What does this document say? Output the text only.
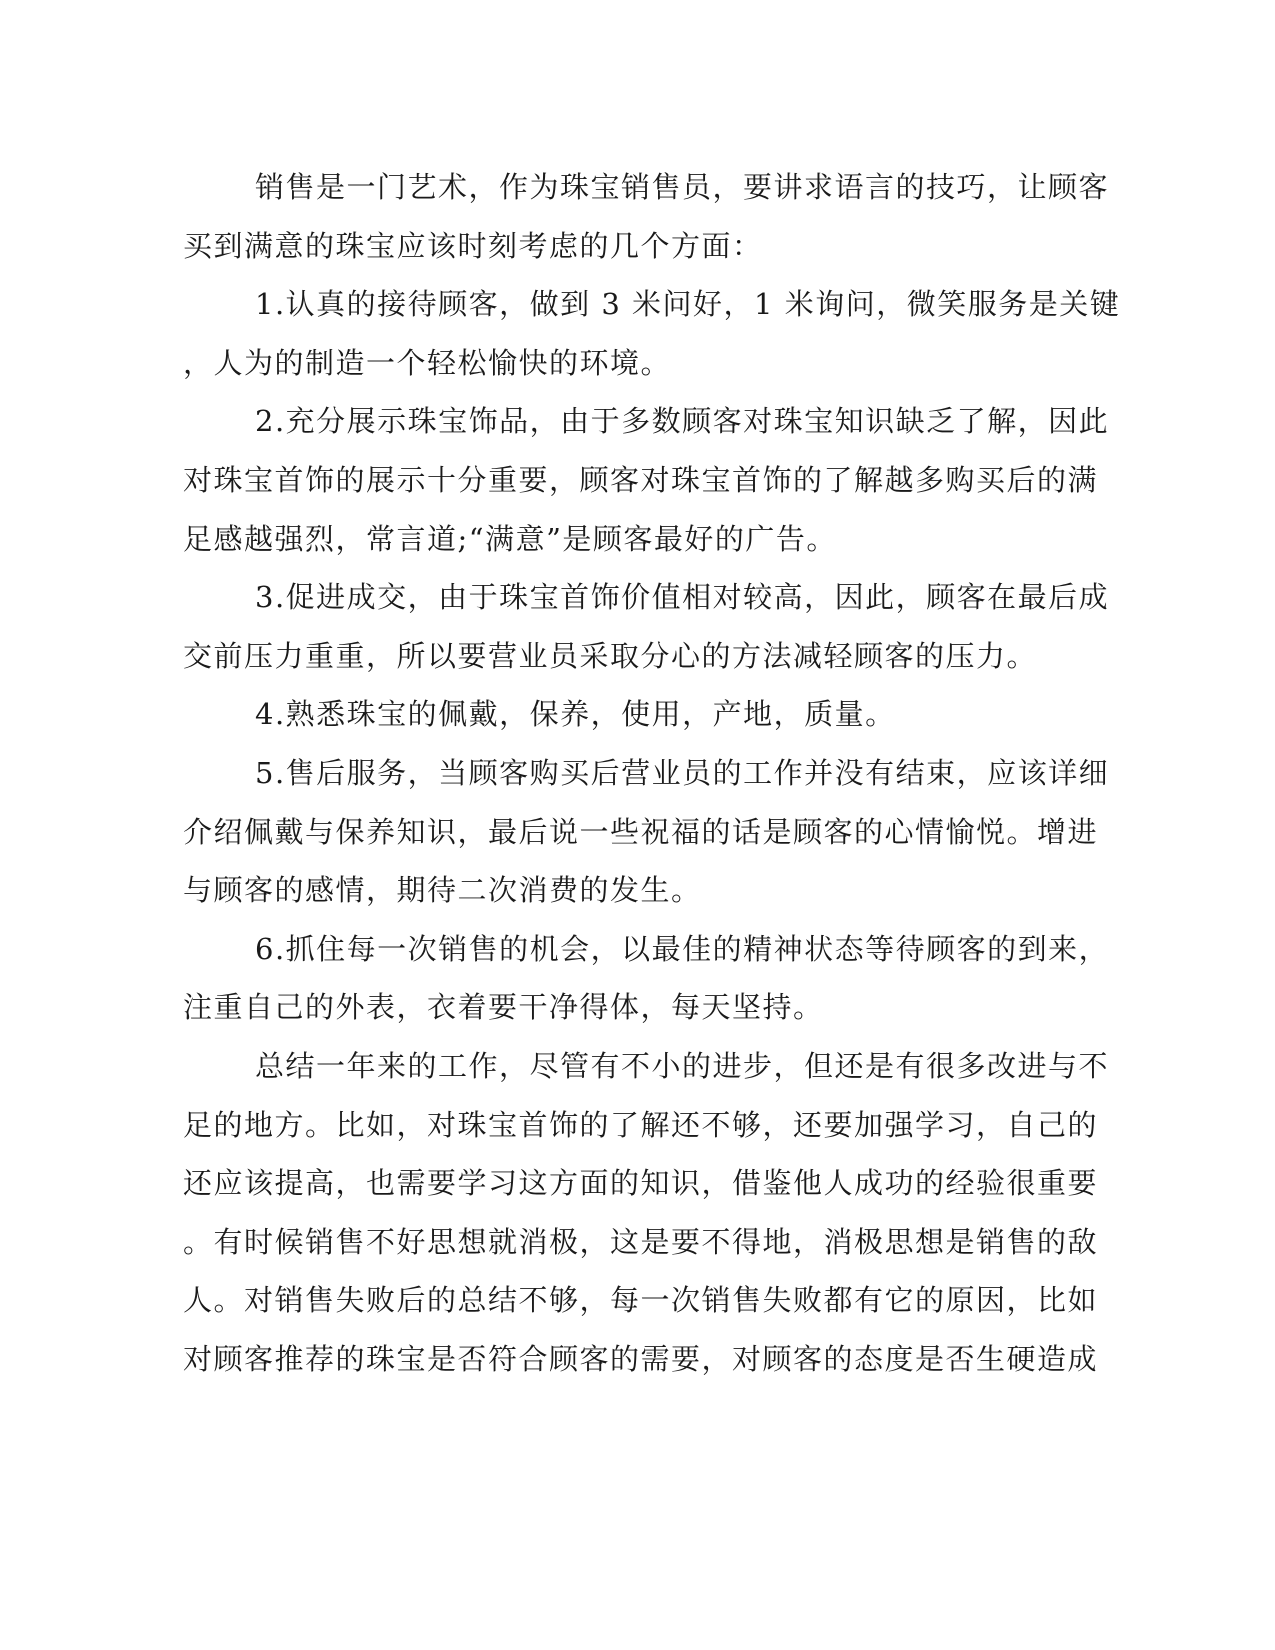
销售是一门艺术，作为珠宝销售员，要讲求语言的技巧，让顾客
买到满意的珠宝应该时刻考虑的几个方面：
1.认真的接待顾客，做到 3 米问好，1 米询问，微笑服务是关键
，人为的制造一个轻松愉快的环境。
2.充分展示珠宝饰品，由于多数顾客对珠宝知识缺乏了解，因此
对珠宝首饰的展示十分重要，顾客对珠宝首饰的了解越多购买后的满
足感越强烈，常言道;“满意”是顾客最好的广告。
3.促进成交，由于珠宝首饰价值相对较高，因此，顾客在最后成
交前压力重重，所以要营业员采取分心的方法减轻顾客的压力。
4.熟悉珠宝的佩戴，保养，使用，产地，质量。
5.售后服务，当顾客购买后营业员的工作并没有结束，应该详细
介绍佩戴与保养知识，最后说一些祝福的话是顾客的心情愉悦。增进
与顾客的感情，期待二次消费的发生。
6.抓住每一次销售的机会，以最佳的精神状态等待顾客的到来，
注重自己的外表，衣着要干净得体，每天坚持。
总结一年来的工作，尽管有不小的进步，但还是有很多改进与不
足的地方。比如，对珠宝首饰的了解还不够，还要加强学习，自己的
还应该提高，也需要学习这方面的知识，借鉴他人成功的经验很重要
。有时候销售不好思想就消极，这是要不得地，消极思想是销售的敌
人。对销售失败后的总结不够，每一次销售失败都有它的原因，比如
对顾客推荐的珠宝是否符合顾客的需要，对顾客的态度是否生硬造成
